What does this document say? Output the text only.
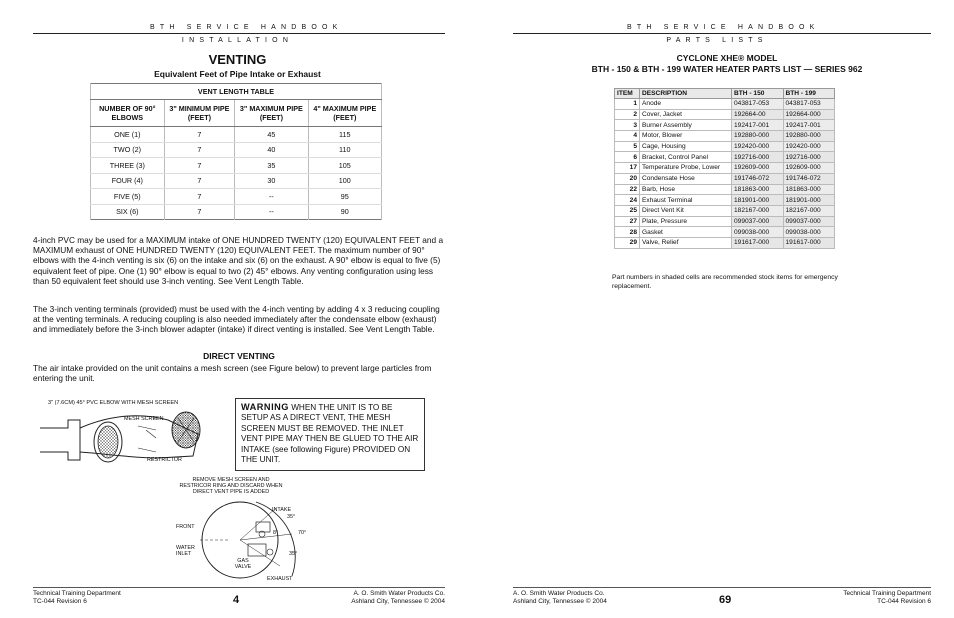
BTH SERVICE HANDBOOK
INSTALLATION
VENTING
Equivalent Feet of Pipe Intake or Exhaust
VENT LENGTH TABLE			
NUMBER OF 90° ELBOWS	3" MINIMUM PIPE (FEET)	3" MAXIMUM PIPE (FEET)	4" MAXIMUM PIPE (FEET)
ONE (1)	7	45	115
TWO (2)	7	40	110
THREE (3)	7	35	105
FOUR (4)	7	30	100
FIVE (5)	7	--	95
SIX (6)	7	--	90

4-inch PVC may be used for a MAXIMUM intake of ONE HUNDRED TWENTY (120) EQUIVALENT FEET and a MAXIMUM exhaust of ONE HUNDRED TWENTY (120) EQUIVALENT FEET. The maximum number of 90° elbows with the 4-inch venting is six (6) on the intake and six (6) on the exhaust. A 90° elbow is equal to five (5) equivalent feet of pipe. One (1) 90° elbow is equal to two (2) 45° elbows. Any venting configuration using less than 50 equivalent feet should use 3-inch venting. See Vent Length Table.

The 3-inch venting terminals (provided) must be used with the 4-inch venting by adding 4 x 3 reducing coupling at the venting terminals. A reducing coupling is also needed immediately after the condensate elbow (exhaust) and immediately before the 3-inch blower adapter (intake) if direct venting is installed. See Vent Length Table.

DIRECT VENTING

The air intake provided on the unit contains a mesh screen (see Figure below) to prevent large particles from entering the unit.

3" (7.6CM) 45° PVC ELBOW WITH MESH SCREEN
MESH SCREEN
RESTRICTOR
WARNING WHEN THE UNIT IS TO BE SETUP AS A DIRECT VENT, THE MESH SCREEN MUST BE REMOVED. THE INLET VENT PIPE MAY THEN BE GLUED TO THE AIR INTAKE (see following Figure) PROVIDED ON THE UNIT.
REMOVE MESH SCREEN AND RESTRICOR RING AND DISCARD WHEN DIRECT VENT PIPE IS ADDED
INTAKE
35°
8°	70°
35°
FRONT
WATER INLET
GAS VALVE
EXHAUST
Technical Training Department
TC-044 Revision 6	4
A. O. Smith Water Products Co.
Ashland City, Tennessee © 2004
BTH SERVICE HANDBOOK
PARTS LISTS
CYCLONE XHE® MODEL
BTH - 150 & BTH - 199 WATER HEATER PARTS LIST — SERIES 962
ITEM	DESCRIPTION	BTH - 150	BTH - 199
1	Anode	043817-053	043817-053
2	Cover, Jacket	192664-00	192664-000
3	Burner Assembly	192417-001	192417-001
4	Motor, Blower	192880-000	192880-000
5	Cage, Housing	192420-000	192420-000
6	Bracket, Control Panel	192716-000	192716-000
17	Temperature Probe, Lower	192609-000	192609-000
20	Condensate Hose	191746-072	191746-072
22	Barb, Hose	181863-000	181863-000
24	Exhaust Terminal	181901-000	181901-000
25	Direct Vent Kit	182167-000	182167-000
27	Plate, Pressure	099037-000	099037-000
28	Gasket	099038-000	099038-000
29	Valve, Relief	191617-000	191617-000

Part numbers in shaded cells are recommended stock items for emergency replacement.

A. O. Smith Water Products Co.
Ashland City, Tennessee © 2004	69
Technical Training Department
TC-044 Revision 6
